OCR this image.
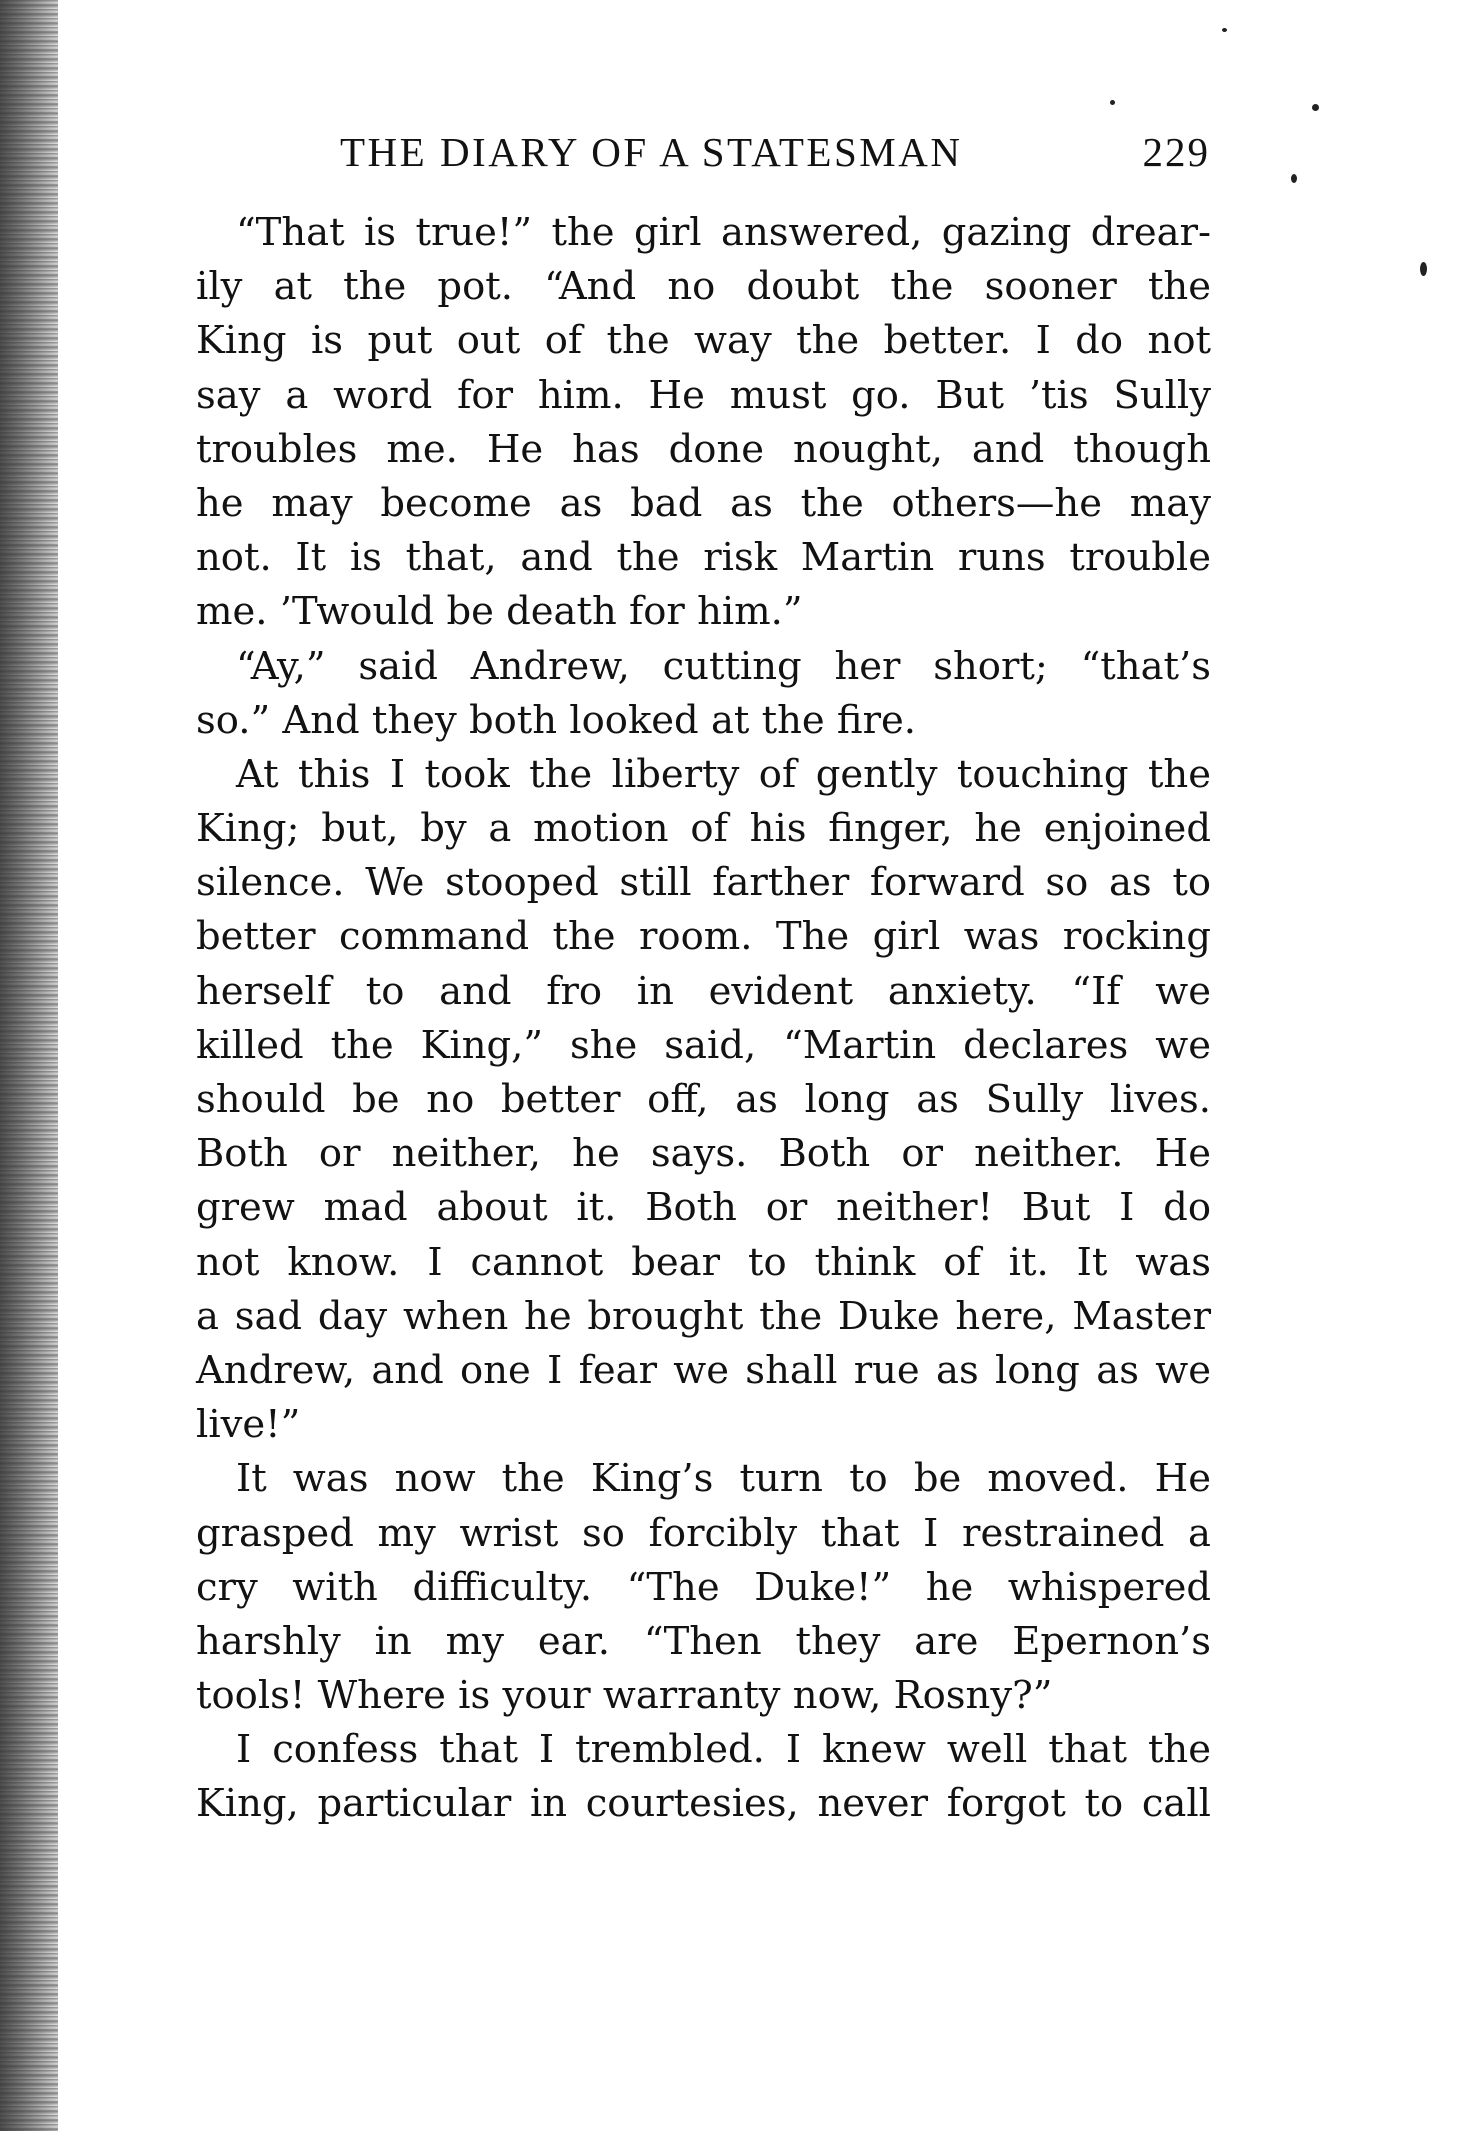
THE DIARY OF A STATESMAN	229
“That is true!” the girl answered, gazing drear-
ily at the pot. “And no doubt the sooner the
King is put out of the way the better. I do not
say a word for him. He must go. But ’tis Sully
troubles me. He has done nought, and though
he may become as bad as the others—he may
not. It is that, and the risk Martin runs trouble
me. ’Twould be death for him.”
“Ay,” said Andrew, cutting her short; “that’s
so.” And they both looked at the fire.
At this I took the liberty of gently touching the
King; but, by a motion of his finger, he enjoined
silence. We stooped still farther forward so as to
better command the room. The girl was rocking
herself to and fro in evident anxiety. “If we
killed the King,” she said, “Martin declares we
should be no better off, as long as Sully lives.
Both or neither, he says. Both or neither. He
grew mad about it. Both or neither! But I do
not know. I cannot bear to think of it. It was
a sad day when he brought the Duke here, Master
Andrew, and one I fear we shall rue as long as we
live!”
It was now the King’s turn to be moved. He
grasped my wrist so forcibly that I restrained a
cry with difficulty. “The Duke!” he whispered
harshly in my ear. “Then they are Epernon’s
tools! Where is your warranty now, Rosny?”
I confess that I trembled. I knew well that the
King, particular in courtesies, never forgot to call
